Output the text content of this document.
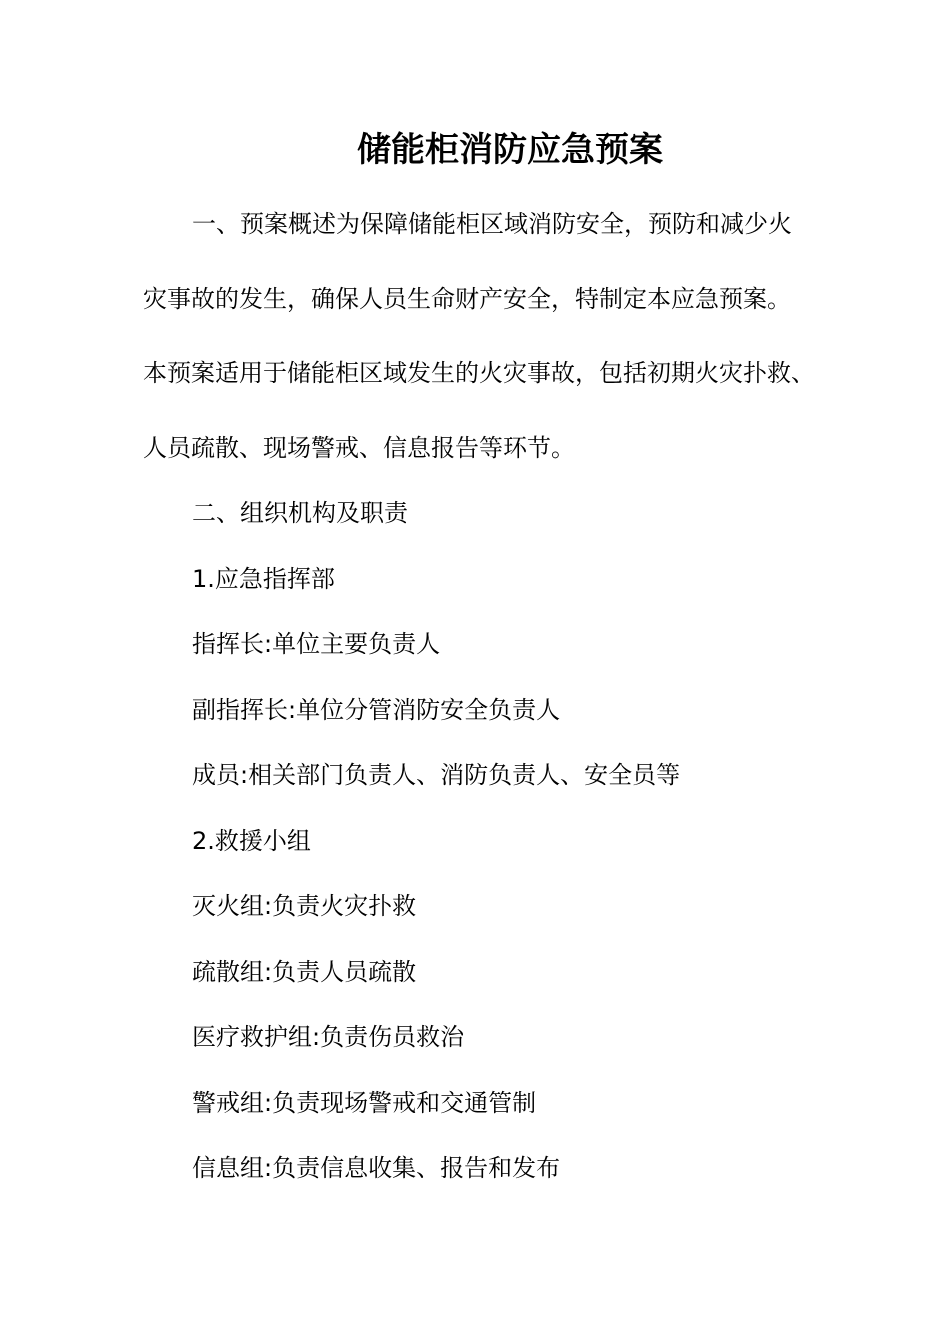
储能柜消防应急预案

一、预案概述为保障储能柜区域消防安全，预防和减少火

灾事故的发生，确保人员生命财产安全，特制定本应急预案。

本预案适用于储能柜区域发生的火灾事故，包括初期火灾扑救、

人员疏散、现场警戒、信息报告等环节。

二、组织机构及职责

1.应急指挥部

指挥长:单位主要负责人

副指挥长:单位分管消防安全负责人

成员:相关部门负责人、消防负责人、安全员等

2.救援小组

灭火组:负责火灾扑救

疏散组:负责人员疏散

医疗救护组:负责伤员救治

警戒组:负责现场警戒和交通管制

信息组:负责信息收集、报告和发布
